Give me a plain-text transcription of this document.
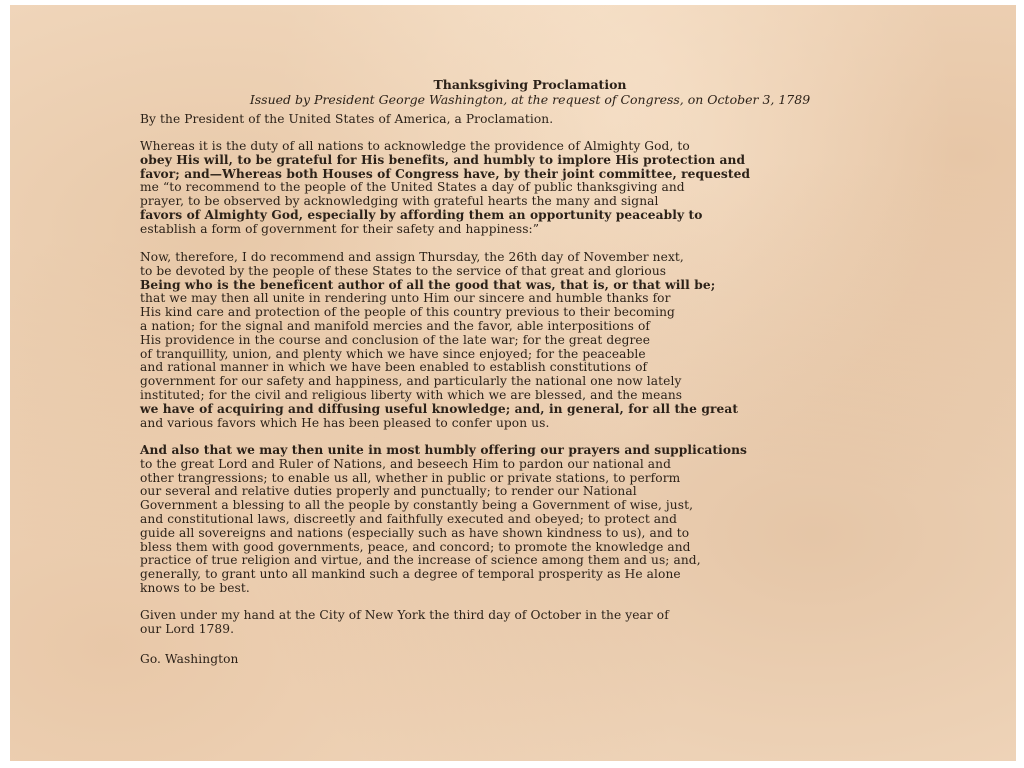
Thanksgiving Proclamation
Issued by President George Washington, at the request of Congress, on October 3, 1789
By the President of the United States of America, a Proclamation.
Whereas it is the duty of all nations to acknowledge the providence of Almighty God, to
obey His will, to be grateful for His benefits, and humbly to implore His protection and
favor; and—Whereas both Houses of Congress have, by their joint committee, requested
me “to recommend to the people of the United States a day of public thanksgiving and
prayer, to be observed by acknowledging with grateful hearts the many and signal
favors of Almighty God, especially by affording them an opportunity peaceably to
establish a form of government for their safety and happiness:”
Now, therefore, I do recommend and assign Thursday, the 26th day of November next,
to be devoted by the people of these States to the service of that great and glorious
Being who is the beneficent author of all the good that was, that is, or that will be;
that we may then all unite in rendering unto Him our sincere and humble thanks for
His kind care and protection of the people of this country previous to their becoming
a nation; for the signal and manifold mercies and the favor, able interpositions of
His providence in the course and conclusion of the late war; for the great degree
of tranquillity, union, and plenty which we have since enjoyed; for the peaceable
and rational manner in which we have been enabled to establish constitutions of
government for our safety and happiness, and particularly the national one now lately
instituted; for the civil and religious liberty with which we are blessed, and the means
we have of acquiring and diffusing useful knowledge; and, in general, for all the great
and various favors which He has been pleased to confer upon us.
And also that we may then unite in most humbly offering our prayers and supplications
to the great Lord and Ruler of Nations, and beseech Him to pardon our national and
other trangressions; to enable us all, whether in public or private stations, to perform
our several and relative duties properly and punctually; to render our National
Government a blessing to all the people by constantly being a Government of wise, just,
and constitutional laws, discreetly and faithfully executed and obeyed; to protect and
guide all sovereigns and nations (especially such as have shown kindness to us), and to
bless them with good governments, peace, and concord; to promote the knowledge and
practice of true religion and virtue, and the increase of science among them and us; and,
generally, to grant unto all mankind such a degree of temporal prosperity as He alone
knows to be best.
Given under my hand at the City of New York the third day of October in the year of
our Lord 1789.
Go. Washington
